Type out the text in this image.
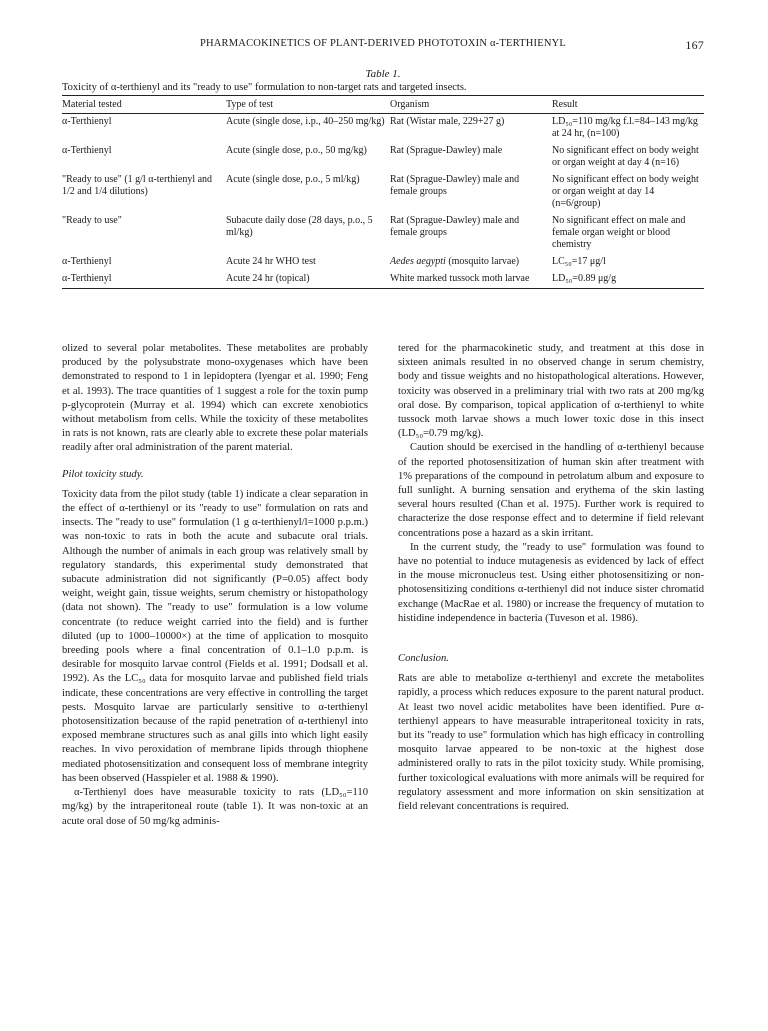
PHARMACOKINETICS OF PLANT-DERIVED PHOTOTOXIN α-TERTHIENYL	167
Table 1.
Toxicity of α-terthienyl and its "ready to use" formulation to non-target rats and targeted insects.
Material tested	Type of test	Organism	Result
α-Terthienyl	Acute (single dose, i.p., 40–250 mg/kg)	Rat (Wistar male, 229+27 g)	LD₅₀=110 mg/kg f.l.=84–143 mg/kg at 24 hr, (n=100)
α-Terthienyl	Acute (single dose, p.o., 50 mg/kg)	Rat (Sprague-Dawley) male	No significant effect on body weight or organ weight at day 4 (n=16)
"Ready to use" (1 g/l α-terthienyl and 1/2 and 1/4 dilutions)	Acute (single dose, p.o., 5 ml/kg)	Rat (Sprague-Dawley) male and female groups	No significant effect on body weight or organ weight at day 14 (n=6/group)
"Ready to use"	Subacute daily dose (28 days, p.o., 5 ml/kg)	Rat (Sprague-Dawley) male and female groups	No significant effect on male and female organ weight or blood chemistry
α-Terthienyl	Acute 24 hr WHO test	Aedes aegypti (mosquito larvae)	LC₅₀=17 μg/l
α-Terthienyl	Acute 24 hr (topical)	White marked tussock moth larvae	LD₅₀=0.89 μg/g

olized to several polar metabolites. These metabolites are probably produced by the polysubstrate mono-oxygenases which have been demonstrated to respond to 1 in lepidoptera (Iyengar et al. 1990; Feng et al. 1993). The trace quantities of 1 suggest a role for the toxin pump p-glycoprotein (Murray et al. 1994) which can excrete xenobiotics without metabolism from cells. While the toxicity of these metabolites in rats is not known, rats are clearly able to excrete these polar materials readily after oral administration of the parent material.

Pilot toxicity study.

Toxicity data from the pilot study (table 1) indicate a clear separation in the effect of α-terthienyl or its "ready to use" formulation on rats and insects. The "ready to use" formulation (1 g α-terthienyl/l=1000 p.p.m.) was non-toxic to rats in both the acute and subacute oral trials. Although the number of animals in each group was relatively small by regulatory standards, this experimental study demonstrated that subacute administration did not significantly (P=0.05) affect body weight, weight gain, tissue weights, serum chemistry or histopathology (data not shown). The "ready to use" formulation is a low volume concentrate (to reduce weight carried into the field) and is further diluted (up to 1000–10000×) at the time of application to mosquito breeding pools where a final concentration of 0.1–1.0 p.p.m. is desirable for mosquito larvae control (Fields et al. 1991; Dodsall et al. 1992). As the LC₅₀ data for mosquito larvae and published field trials indicate, these concentrations are very effective in controlling the target pests. Mosquito larvae are particularly sensitive to α-terthienyl photosensitization because of the rapid penetration of α-terthienyl into exposed membrane structures such as anal gills into which light easily reaches. In vivo peroxidation of membrane lipids through thiophene mediated photosensitization and consequent loss of membrane integrity has been observed (Hasspieler et al. 1988 & 1990).

α-Terthienyl does have measurable toxicity to rats (LD₅₀=110 mg/kg) by the intraperitoneal route (table 1). It was non-toxic at an acute oral dose of 50 mg/kg adminis-

tered for the pharmacokinetic study, and treatment at this dose in sixteen animals resulted in no observed change in serum chemistry, body and tissue weights and no histopathological alterations. However, toxicity was observed in a preliminary trial with two rats at 200 mg/kg oral dose. By comparison, topical application of α-terthienyl to white tussock moth larvae shows a much lower toxic dose in this insect (LD₅₀=0.79 mg/kg).

Caution should be exercised in the handling of α-terthienyl because of the reported photosensitization of human skin after treatment with 1% preparations of the compound in petrolatum album and exposure to full sunlight. A burning sensation and erythema of the skin lasting several hours resulted (Chan et al. 1975). Further work is required to characterize the dose response effect and to determine if field relevant concentrations pose a hazard as a skin irritant.

In the current study, the "ready to use" formulation was found to have no potential to induce mutagenesis as evidenced by lack of effect in the mouse micronucleus test. Using either photosensitizing or non-photosensitizing conditions α-terthienyl did not induce sister chromatid exchange (MacRae et al. 1980) or increase the frequency of mutation to histidine independence in bacteria (Tuveson et al. 1986).

Conclusion.

Rats are able to metabolize α-terthienyl and excrete the metabolites rapidly, a process which reduces exposure to the parent natural product. At least two novel acidic metabolites have been identified. Pure α-terthienyl appears to have measurable intraperitoneal toxicity in rats, but its "ready to use" formulation which has high efficacy in controlling mosquito larvae appeared to be non-toxic at the highest dose administered orally to rats in the pilot toxicity study. While promising, further toxicological evaluations with more animals will be required for regulatory assessment and more information on skin sensitization at field relevant concentrations is required.
